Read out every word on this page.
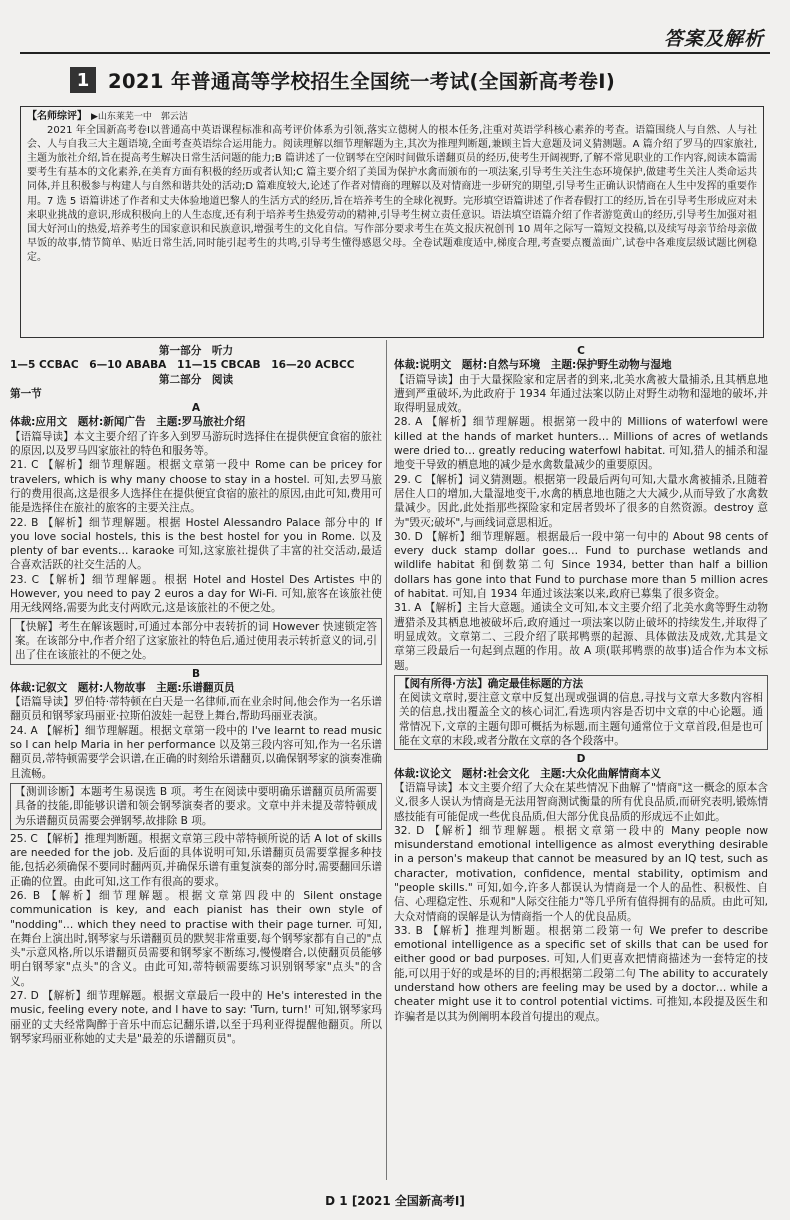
答案及解析
1 2021 年普通高等学校招生全国统一考试(全国新高考卷Ⅰ)
【名师综评】 ▶山东莱芜一中　郭云洁

2021 年全国新高考卷Ⅰ以普通高中英语课程标准和高考评价体系为引领,落实立德树人的根本任务,注重对英语学科核心素养的考查。语篇围绕人与自然、人与社会、人与自我三大主题语境,全面考查英语综合运用能力。阅读理解以细节理解题为主,其次为推理判断题,兼顾主旨大意题及词义猜测题。A 篇介绍了罗马的四家旅社,主题为旅社介绍,旨在提高考生解决日常生活问题的能力;B 篇讲述了一位钢琴在空闲时间做乐谱翻页员的经历,使考生开阔视野,了解不常见职业的工作内容,阅读本篇需要考生有基本的文化素养,在美育方面有积极的经历或者认知;C 篇主要介绍了美国为保护水禽而颁布的一项法案,引导考生关注生态环境保护,做建考生关注人类命运共同体,并且积极参与构建人与自然和谐共处的活动;D 篇难度较大,论述了作者对情商的理解以及对情商进一步研究的期望,引导考生正确认识情商在人生中发挥的重要作用。7 选 5 语篇讲述了作者和丈夫体验地道巴黎人的生活方式的经历,旨在培养考生的全球化视野。完形填空语篇讲述了作者春假打工的经历,旨在引导考生形成应对未来职业挑战的意识,形成积极向上的人生态度,还有利于培养考生热爱劳动的精神,引导考生树立责任意识。语法填空语篇介绍了作者游览黄山的经历,引导考生加强对祖国大好河山的热爱,培养考生的国家意识和民族意识,增强考生的文化自信。写作部分要求考生在英文报庆祝创刊 10 周年之际写一篇短文投稿,以及续写母亲节给母亲做早饭的故事,情节简单、贴近日常生活,同时能引起考生的共鸣,引导考生懂得感恩父母。全卷试题难度适中,梯度合理,考查要点覆盖面广,试卷中各难度层级试题比例稳定。

第一部分　听力

1—5 CCBAC　6—10 ABABA　11—15 CBCAB　16—20 ACBCC

第二部分　阅读

第一节

A

体裁:应用文　题材:新闻广告　主题:罗马旅社介绍

【语篇导读】本文主要介绍了许多入到罗马游玩时选择住在提供便宜食宿的旅社的原因,以及罗马四家旅社的特色和服务等。

21. C 【解析】细节理解题。根据文章第一段中 Rome can be pricey for travelers, which is why many choose to stay in a hostel. 可知,去罗马旅行的费用很高,这是很多人选择住在提供便宜食宿的旅社的原因,由此可知,费用可能是选择住在旅社的旅客的主要关注点。

22. B 【解析】细节理解题。根据 Hostel Alessandro Palace 部分中的 If you love social hostels, this is the best hostel for you in Rome. 以及 plenty of bar events… karaoke 可知,这家旅社提供了丰富的社交活动,最适合喜欢活跃的社交生活的人。

23. C 【解析】细节理解题。根据 Hotel and Hostel Des Artistes 中的 However, you need to pay 2 euros a day for Wi-Fi. 可知,旅客在该旅社使用无线网络,需要为此支付两欧元,这是该旅社的不便之处。

【快解】考生在解该题时,可通过本部分中表转折的词 However 快速锁定答案。在该部分中,作者介绍了这家旅社的特色后,通过使用表示转折意义的词,引出了住在该旅社的不便之处。

B

体裁:记叙文　题材:人物故事　主题:乐谱翻页员

【语篇导读】罗伯特·蒂特顿在白天是一名律师,而在业余时间,他会作为一名乐谱翻页员和钢琴家玛丽亚·拉斯伯波娃一起登上舞台,帮助玛丽亚表演。

24. A 【解析】细节理解题。根据文章第一段中的 I've learnt to read music so I can help Maria in her performance 以及第三段内容可知,作为一名乐谱翻页员,蒂特顿需要学会识谱,在正确的时刻给乐谱翻页,以确保钢琴家的演奏准确且流畅。

【测训诊断】本题考生易误选 B 项。考生在阅读中要明确乐谱翻页员所需要具备的技能,即能够识谱和领会钢琴演奏者的要求。文章中并未提及蒂特顿成为乐谱翻页员需要会弹钢琴,故排除 B 项。

25. C 【解析】推理判断题。根据文章第三段中蒂特顿所说的话 A lot of skills are needed for the job. 及后面的具体说明可知,乐谱翻页员需要掌握多种技能,包括必须确保不要同时翻两页,并确保乐谱有重复演奏的部分时,需要翻回乐谱正确的位置。由此可知,这工作有很高的要求。

26. B 【解析】细节理解题。根据文章第四段中的 Silent onstage communication is key, and each pianist has their own style of "nodding"… which they need to practise with their page turner. 可知,在舞台上演出时,钢琴家与乐谱翻页员的默契非常重要,每个钢琴家都有自己的"点头"示意风格,所以乐谱翻页员需要和钢琴家不断练习,慢慢磨合,以使翻页员能够明白钢琴家"点头"的含义。由此可知,蒂特顿需要练习识别钢琴家"点头"的含义。

27. D 【解析】细节理解题。根据文章最后一段中的 He's interested in the music, feeling every note, and I have to say: 'Turn, turn!' 可知,钢琴家玛丽亚的丈夫经常陶醉于音乐中而忘记翻乐谱,以至于玛利亚得提醒他翻页。所以钢琴家玛丽亚称她的丈夫是"最差的乐谱翻页员"。

C

体裁:说明文　题材:自然与环境　主题:保护野生动物与湿地

【语篇导读】由于大量探险家和定居者的到来,北美水禽被大量捕杀,且其栖息地遭到严重破坏,为此政府于 1934 年通过法案以防止对野生动物和湿地的破坏,并取得明显成效。

28. A 【解析】细节理解题。根据第一段中的 Millions of waterfowl were killed at the hands of market hunters… Millions of acres of wetlands were dried to… greatly reducing waterfowl habitat. 可知,猎人的捕杀和湿地变干导致的栖息地的减少是水禽数量减少的重要原因。

29. C 【解析】词义猜测题。根据第一段最后两句可知,大量水禽被捕杀,且随着居住人口的增加,大量湿地变干,水禽的栖息地也随之大大减少,从而导致了水禽数量减少。因此,此处指那些探险家和定居者毁坏了很多的自然资源。destroy 意为"毁灭;破坏",与画线词意思相近。

30. D 【解析】细节理解题。根据最后一段中第一句中的 About 98 cents of every duck stamp dollar goes… Fund to purchase wetlands and wildlife habitat 和倒数第二句 Since 1934, better than half a billion dollars has gone into that Fund to purchase more than 5 million acres of habitat. 可知,自 1934 年通过该法案以来,政府已募集了很多资金。

31. A 【解析】主旨大意题。通读全文可知,本文主要介绍了北美水禽等野生动物遭猎杀及其栖息地被破坏后,政府通过一项法案以防止破坏的持续发生,并取得了明显成效。文章第二、三段介绍了联邦鸭票的起源、具体做法及成效,尤其是文章第三段最后一句起到点题的作用。故 A 项(联邦鸭票的故事)适合作为本文标题。

【阅有所得·方法】确定最佳标题的方法

在阅读文章时,要注意文章中反复出现或强调的信息,寻找与文章大多数内容相关的信息,找出覆盖全文的核心词汇,看选项内容是否切中文章的中心论题。通常情况下,文章的主题句即可概括为标题,而主题句通常位于文章首段,但是也可能在文章的末段,或者分散在文章的各个段落中。

D

体裁:议论文　题材:社会文化　主题:大众化曲解情商本义

【语篇导读】本文主要介绍了大众在某些情况下曲解了"情商"这一概念的原本含义,很多人误认为情商是无法用智商测试衡量的所有优良品质,而研究表明,锻炼情感技能有可能促成一些优良品质,但大部分优良品质的形成远不止如此。

32. D 【解析】细节理解题。根据文章第一段中的 Many people now misunderstand emotional intelligence as almost everything desirable in a person's makeup that cannot be measured by an IQ test, such as character, motivation, confidence, mental stability, optimism and "people skills." 可知,如今,许多人都误认为情商是一个人的品性、积极性、自信、心理稳定性、乐观和"人际交往能力"等几乎所有值得拥有的品质。由此可知,大众对情商的误解是认为情商指一个人的优良品质。

33. B 【解析】推理判断题。根据第二段第一句 We prefer to describe emotional intelligence as a specific set of skills that can be used for either good or bad purposes. 可知,人们更喜欢把情商描述为一套特定的技能,可以用于好的或是坏的目的;再根据第二段第二句 The ability to accurately understand how others are feeling may be used by a doctor… while a cheater might use it to control potential victims. 可推知,本段提及医生和诈骗者是以其为例阐明本段首句提出的观点。

D 1 [2021 全国新高考Ⅰ]
